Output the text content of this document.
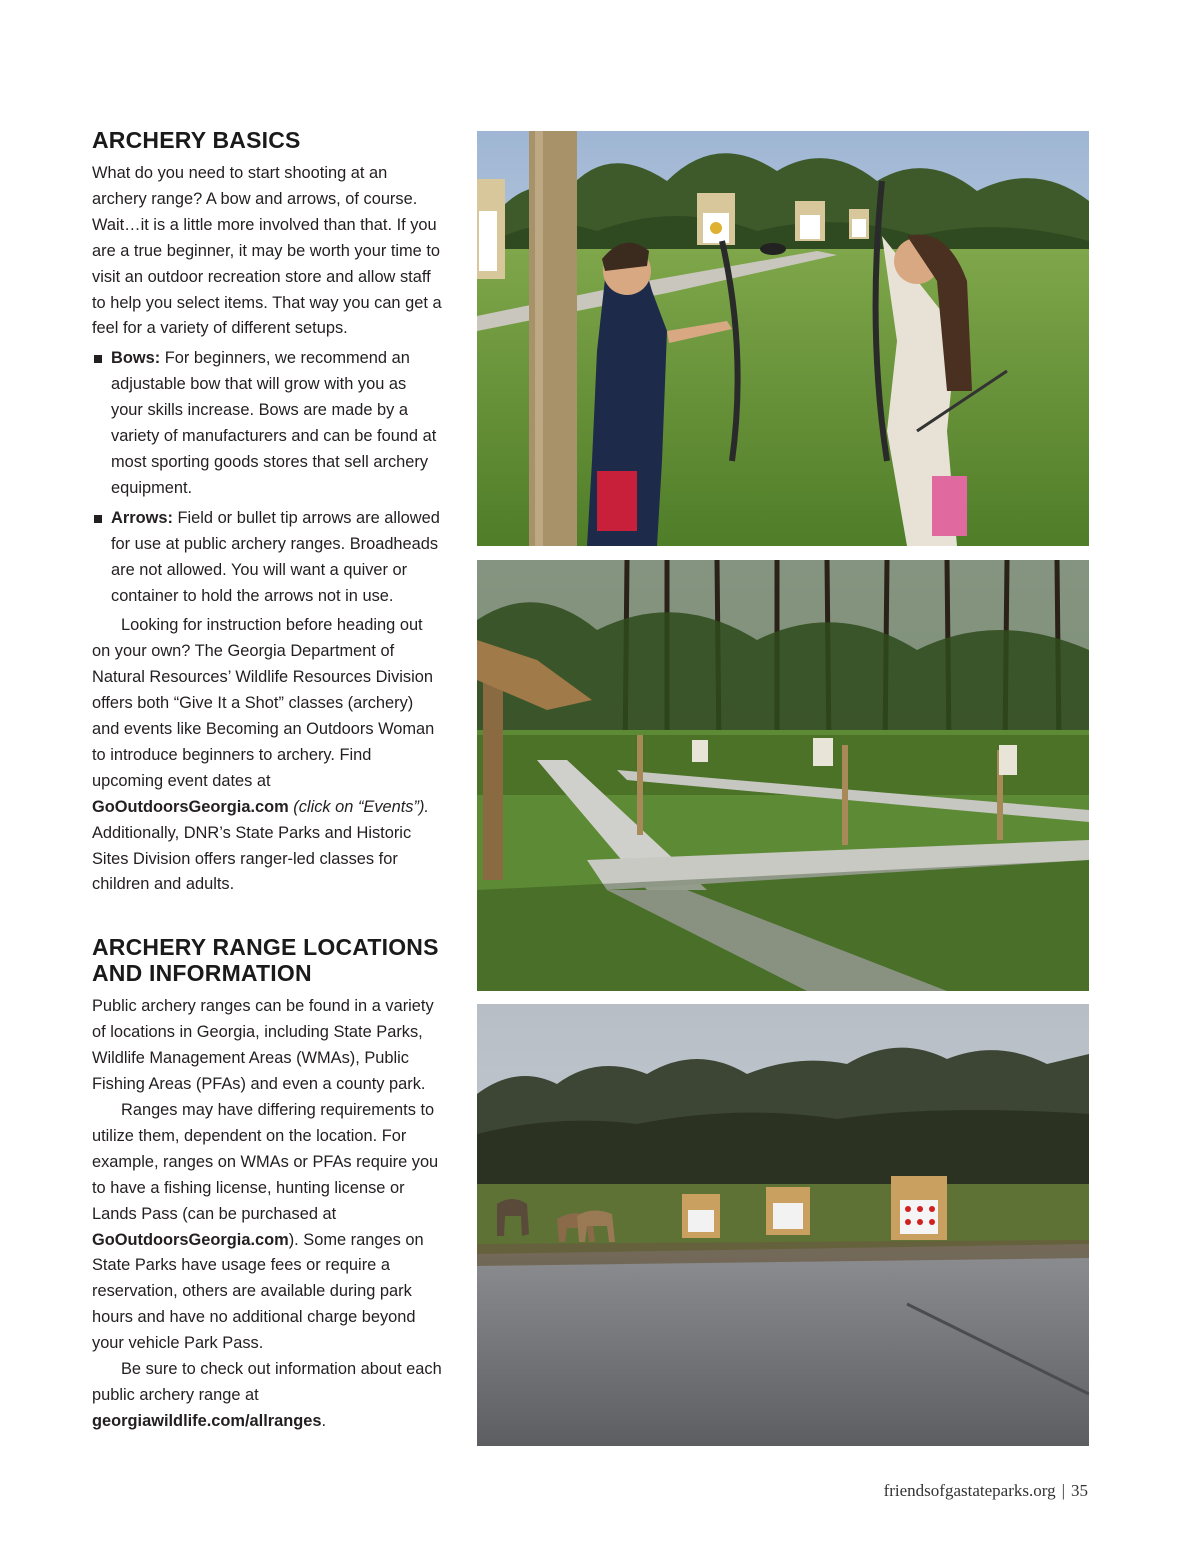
ARCHERY BASICS

What do you need to start shooting at an archery range? A bow and arrows, of course. Wait…it is a little more involved than that. If you are a true beginner, it may be worth your time to visit an outdoor recreation store and allow staff to help you select items. That way you can get a feel for a variety of different setups.

Bows: For beginners, we recommend an adjustable bow that will grow with you as your skills increase. Bows are made by a variety of manufacturers and can be found at most sporting goods stores that sell archery equipment.
Arrows: Field or bullet tip arrows are allowed for use at public archery ranges. Broadheads are not allowed. You will want a quiver or container to hold the arrows not in use.

Looking for instruction before heading out on your own? The Georgia Department of Natural Resources’ Wildlife Resources Division offers both “Give It a Shot” classes (archery) and events like Becoming an Outdoors Woman to introduce beginners to archery. Find upcoming event dates at GoOutdoorsGeorgia.com (click on “Events”). Additionally, DNR’s State Parks and Historic Sites Division offers ranger-led classes for children and adults.

ARCHERY RANGE LOCATIONS
AND INFORMATION

Public archery ranges can be found in a variety of locations in Georgia, including State Parks, Wildlife Management Areas (WMAs), Public Fishing Areas (PFAs) and even a county park.

Ranges may have differing requirements to utilize them, dependent on the location. For example, ranges on WMAs or PFAs require you to have a fishing license, hunting license or Lands Pass (can be purchased at GoOutdoorsGeorgia.com). Some ranges on State Parks have usage fees or require a reservation, others are available during park hours and have no additional charge beyond your vehicle Park Pass.

Be sure to check out information about each public archery range at georgiawildlife.com/allranges.

friendsofgastateparks.org | 35
